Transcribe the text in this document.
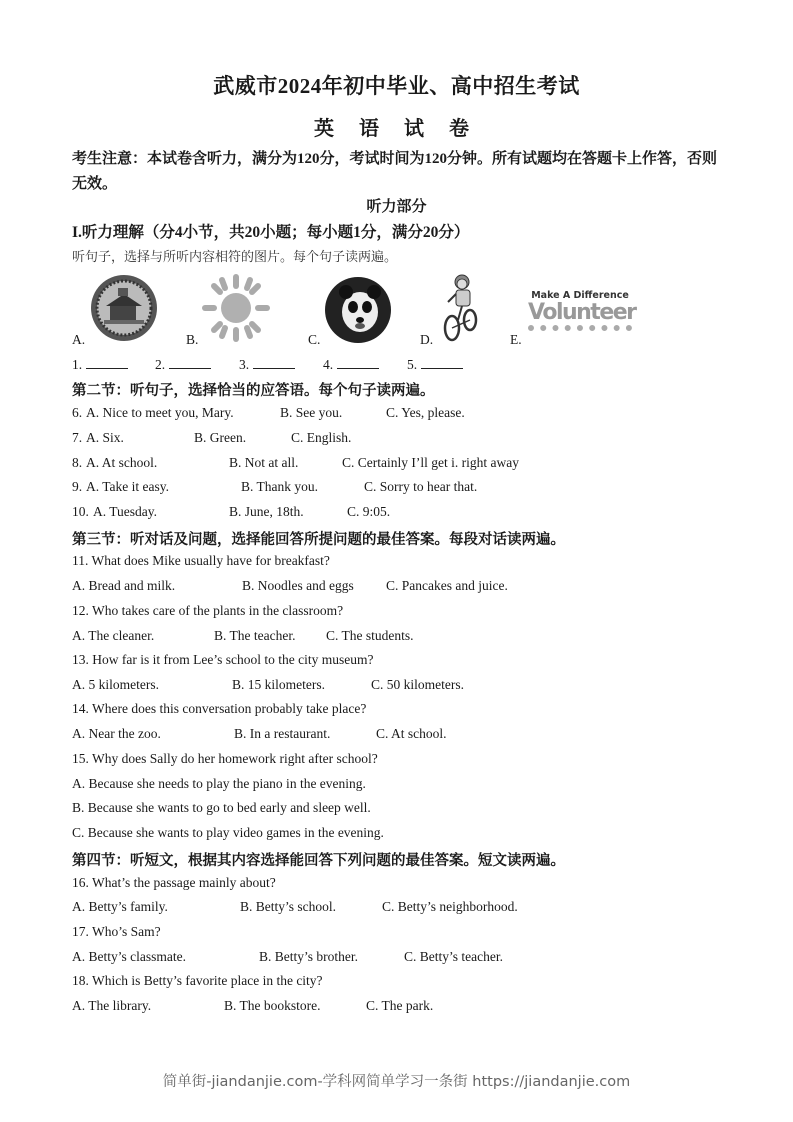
武威市2024年初中毕业、高中招生考试
英 语 试 卷
考生注意：本试卷含听力，满分为120分，考试时间为120分钟。所有试题均在答题卡上作答，否则无效。
听力部分
I.听力理解（分4小节，共20小题；每小题1分，满分20分）
听句子，选择与所听内容相符的图片。每个句子读两遍。
A.	B.	C.	D.	E.
Make A Difference
Volunteer
1.	2.	3.	4.	5.
第二节：听句子，选择恰当的应答语。每个句子读两遍。
6. A. Nice to meet you, Mary.	B. See you.	C. Yes, please.
7. A. Six.	B. Green.	C. English.
8. A. At school.	B. Not at all.	C. Certainly I’ll get i. right away
9. A. Take it easy.	B. Thank you.	C. Sorry to hear that.
10. A. Tuesday.	B. June, 18th.	C. 9:05.
第三节：听对话及问题，选择能回答所提问题的最佳答案。每段对话读两遍。
11. What does Mike usually have for breakfast?
A. Bread and milk.	B. Noodles and eggs C. Pancakes and juice.
12. Who takes care of the plants in the classroom?
A. The cleaner.	B. The teacher. C. The students.
13. How far is it from Lee’s school to the city museum?
A. 5 kilometers.	B. 15 kilometers.	C. 50 kilometers.
14. Where does this conversation probably take place?
A. Near the zoo.	B. In a restaurant.	C. At school.
15. Why does Sally do her homework right after school?
A. Because she needs to play the piano in the evening.
B. Because she wants to go to bed early and sleep well.
C. Because she wants to play video games in the evening.
第四节：听短文，根据其内容选择能回答下列问题的最佳答案。短文读两遍。
16. What’s the passage mainly about?
A. Betty’s family.	B. Betty’s school.	C. Betty’s neighborhood.
17. Who’s Sam?
A. Betty’s classmate.	B. Betty’s brother.	C. Betty’s teacher.
18. Which is Betty’s favorite place in the city?
A. The library.	B. The bookstore.	C. The park.
简单街-jiandanjie.com-学科网简单学习一条街 https://jiandanjie.com
